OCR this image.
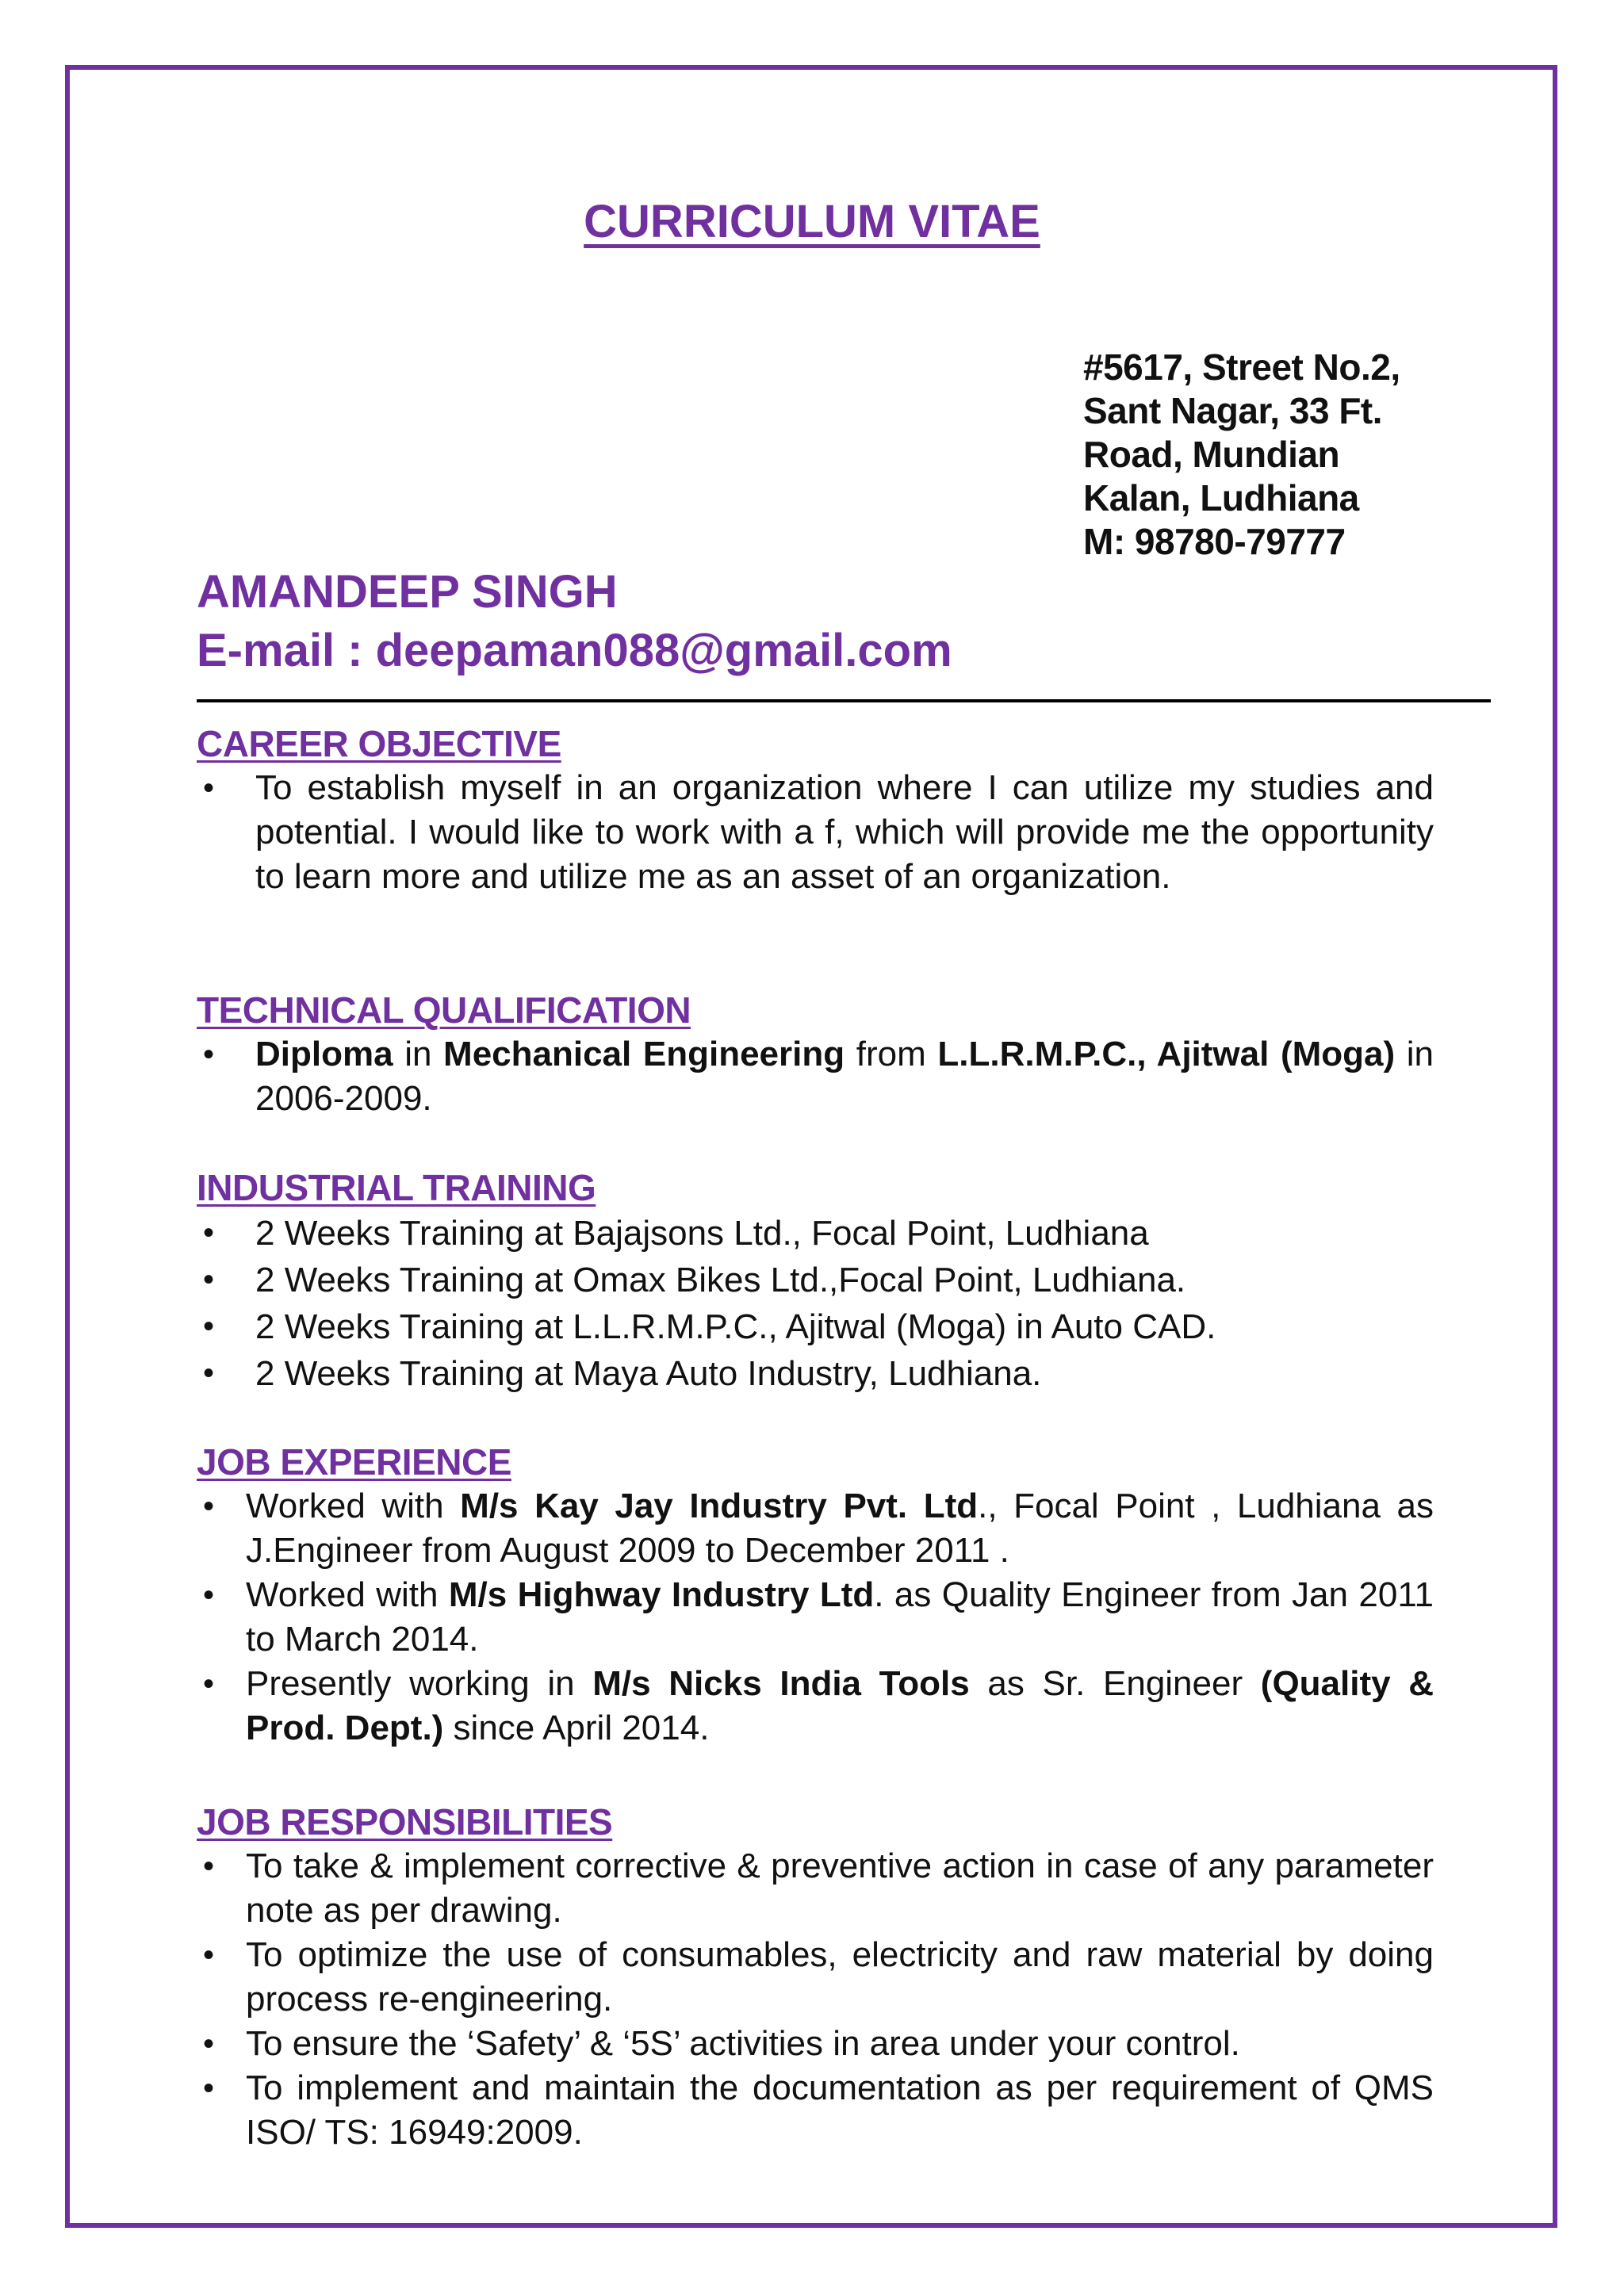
CURRICULUM VITAE
#5617, Street No.2,
Sant Nagar, 33 Ft.
Road, Mundian
Kalan, Ludhiana
M: 98780-79777
AMANDEEP SINGH
E-mail : deepaman088@gmail.com
CAREER OBJECTIVE
• To establish myself in an organization where I can utilize my studies and potential. I would like to work with a f, which will provide me the opportunity to learn more and utilize me as an asset of an organization.
TECHNICAL QUALIFICATION
• Diploma in Mechanical Engineering from L.L.R.M.P.C., Ajitwal (Moga) in 2006-2009.
INDUSTRIAL TRAINING
• 2 Weeks Training at Bajajsons Ltd., Focal Point, Ludhiana
• 2 Weeks Training at Omax Bikes Ltd.,Focal Point, Ludhiana.
• 2 Weeks Training at L.L.R.M.P.C., Ajitwal (Moga) in Auto CAD.
• 2 Weeks Training at Maya Auto Industry, Ludhiana.
JOB EXPERIENCE
• Worked with M/s Kay Jay Industry Pvt. Ltd., Focal Point , Ludhiana as J.Engineer from August 2009 to December 2011 .
• Worked with M/s Highway Industry Ltd. as Quality Engineer from Jan 2011 to March 2014.
• Presently working in M/s Nicks India Tools as Sr. Engineer (Quality & Prod. Dept.) since April 2014.
JOB RESPONSIBILITIES
• To take & implement corrective & preventive action in case of any parameter note as per drawing.
• To optimize the use of consumables, electricity and raw material by doing process re-engineering.
• To ensure the ‘Safety’ & ‘5S’ activities in area under your control.
• To implement and maintain the documentation as per requirement of QMS ISO/ TS: 16949:2009.
